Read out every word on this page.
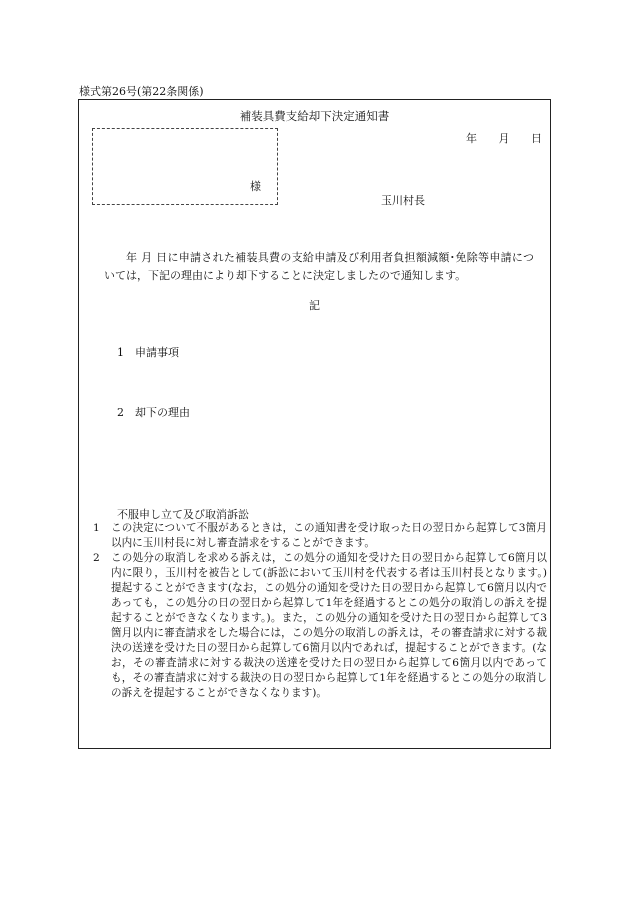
様式第26号(第22条関係)
補装具費支給却下決定通知書
様
年 月 日
玉川村長
年 月 日に申請された補装具費の支給申請及び利用者負担額減額･免除等申請については，下記の理由により却下することに決定しましたので通知します。
記
1 申請事項
2 却下の理由
不服申し立て及び取消訴訟
1 この決定について不服があるときは，この通知書を受け取った日の翌日から起算して3箇月以内に玉川村長に対し審査請求をすることができます。
2 この処分の取消しを求める訴えは，この処分の通知を受けた日の翌日から起算して6箇月以内に限り，玉川村を被告として(訴訟において玉川村を代表する者は玉川村長となります。)提起することができます(なお，この処分の通知を受けた日の翌日から起算して6箇月以内であっても，この処分の日の翌日から起算して1年を経過するとこの処分の取消しの訴えを提起することができなくなります。)。また，この処分の通知を受けた日の翌日から起算して3箇月以内に審査請求をした場合には，この処分の取消しの訴えは，その審査請求に対する裁決の送達を受けた日の翌日から起算して6箇月以内であれば，提起することができます。(なお，その審査請求に対する裁決の送達を受けた日の翌日から起算して6箇月以内であっても，その審査請求に対する裁決の日の翌日から起算して1年を経過するとこの処分の取消しの訴えを提起することができなくなります)。
